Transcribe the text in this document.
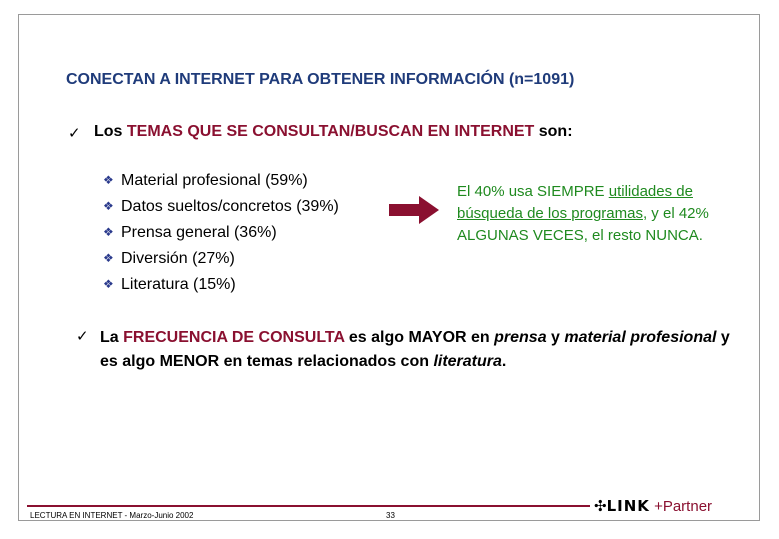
CONECTAN A INTERNET PARA OBTENER INFORMACIÓN (n=1091)
✓ Los TEMAS QUE SE CONSULTAN/BUSCAN EN INTERNET son:
❖ Material profesional (59%)
❖ Datos sueltos/concretos (39%)
❖ Prensa general (36%)
❖ Diversión (27%)
❖ Literatura (15%)
El 40% usa SIEMPRE utilidades de búsqueda de los programas, y el 42% ALGUNAS VECES, el resto NUNCA.
✓ La FRECUENCIA DE CONSULTA es algo MAYOR en prensa y material profesional y es algo MENOR en temas relacionados con literatura.
LECTURA EN INTERNET - Marzo-Junio 2002	33
✣LINK +Partner
